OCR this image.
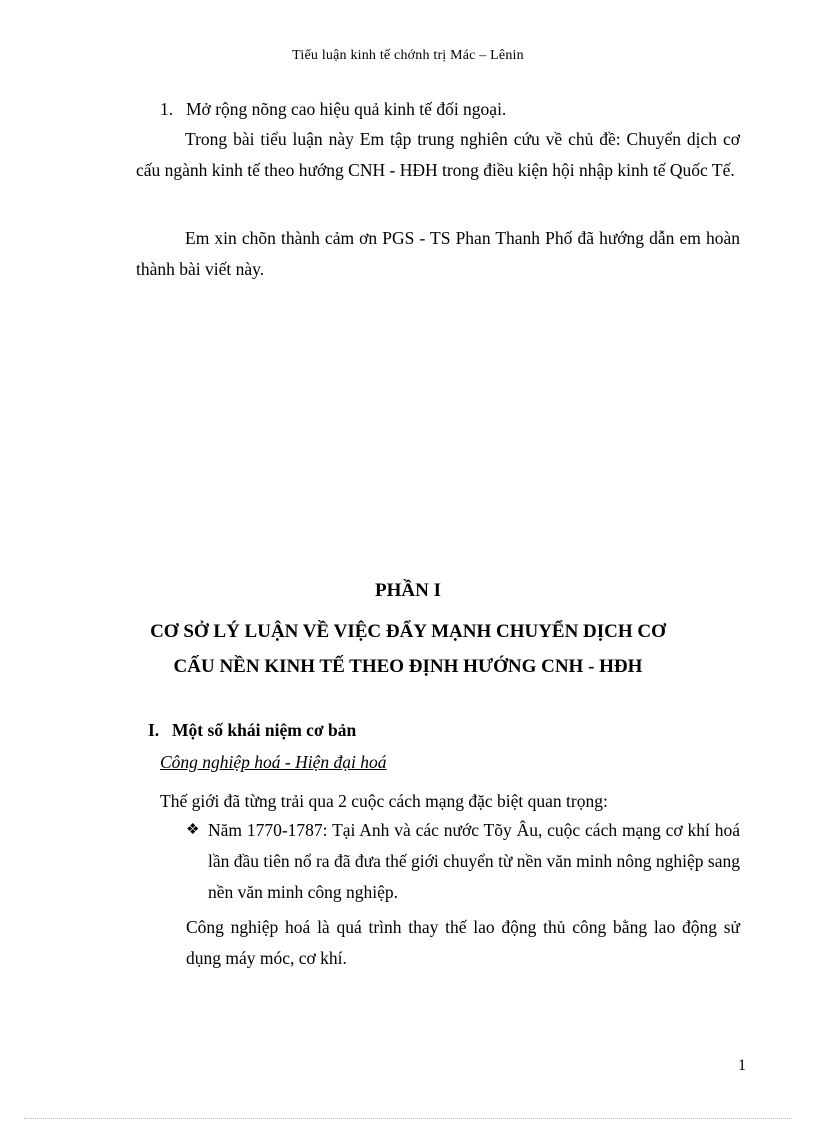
Tiểu luận kinh tế chớnh trị Mác – Lênin
1. Mở rộng nõng cao hiệu quả kinh tế đối ngoại.

Trong bài tiểu luận này Em tập trung nghiên cứu về chủ đề: Chuyển dịch cơ cấu ngành kinh tế theo hướng CNH - HĐH trong điều kiện hội nhập kinh tế Quốc Tế.

Em xin chõn thành cảm ơn PGS - TS Phan Thanh Phố đã hướng dẫn em hoàn thành bài viết này.

PHẦN I
CƠ SỞ LÝ LUẬN VỀ VIỆC ĐẨY MẠNH CHUYỂN DỊCH CƠ
CẤU NỀN KINH TẾ THEO ĐỊNH HƯỚNG CNH - HĐH
I. Một số khái niệm cơ bản
Công nghiệp hoá - Hiện đại hoá
Thế giới đã từng trải qua 2 cuộc cách mạng đặc biệt quan trọng:
❖ Năm 1770-1787: Tại Anh và các nước Tõy Âu, cuộc cách mạng cơ khí hoá lần đầu tiên nổ ra đã đưa thế giới chuyển từ nền văn minh nông nghiệp sang nền văn minh công nghiệp.

Công nghiệp hoá là quá trình thay thế lao động thủ công bằng lao động sử dụng máy móc, cơ khí.

1
